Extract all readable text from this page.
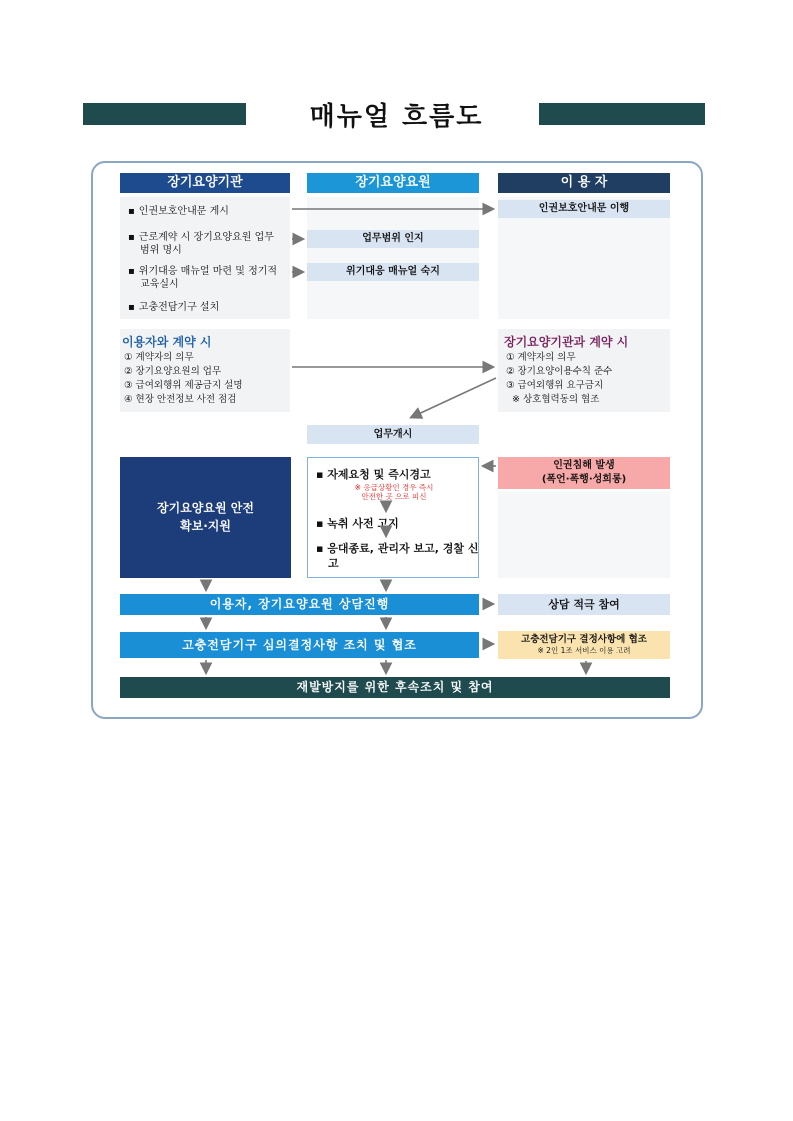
매뉴얼 흐름도
장기요양기관	장기요양요원	이 용 자
▪ 인권보호안내문 게시
▪ 근로계약 시 장기요양요원 업무범위 명시
▪ 위기대응 매뉴얼 마련 및 정기적 교육실시
▪ 고충전담기구 설치
업무범위 인지
위기대응 매뉴얼 숙지
인권보호안내문 이행
이용자와 계약 시
① 계약자의 의무
② 장기요양요원의 업무
③ 급여외행위 제공금지 설명
④ 현장 안전정보 사전 점검
장기요양기관과 계약 시
① 계약자의 의무
② 장기요양이용수칙 준수
③ 급여외행위 요구금지
※ 상호협력동의 협조
업무개시
장기요양요원 안전 확보·지원
▪ 자제요청 및 즉시경고
※ 응급상황인 경우 즉시
안전한 곳 으로 피신
▪ 녹취 사전 고지
▪ 응대종료, 관리자 보고, 경찰 신고
인권침해 발생
(폭언·폭행·성희롱)
이용자, 장기요양요원 상담진행	상담 적극 참여
고충전담기구 심의결정사항 조치 및 협조	고충전담기구 결정사항에 협조
※ 2인 1조 서비스 이용 고려
재발방지를 위한 후속조치 및 참여
